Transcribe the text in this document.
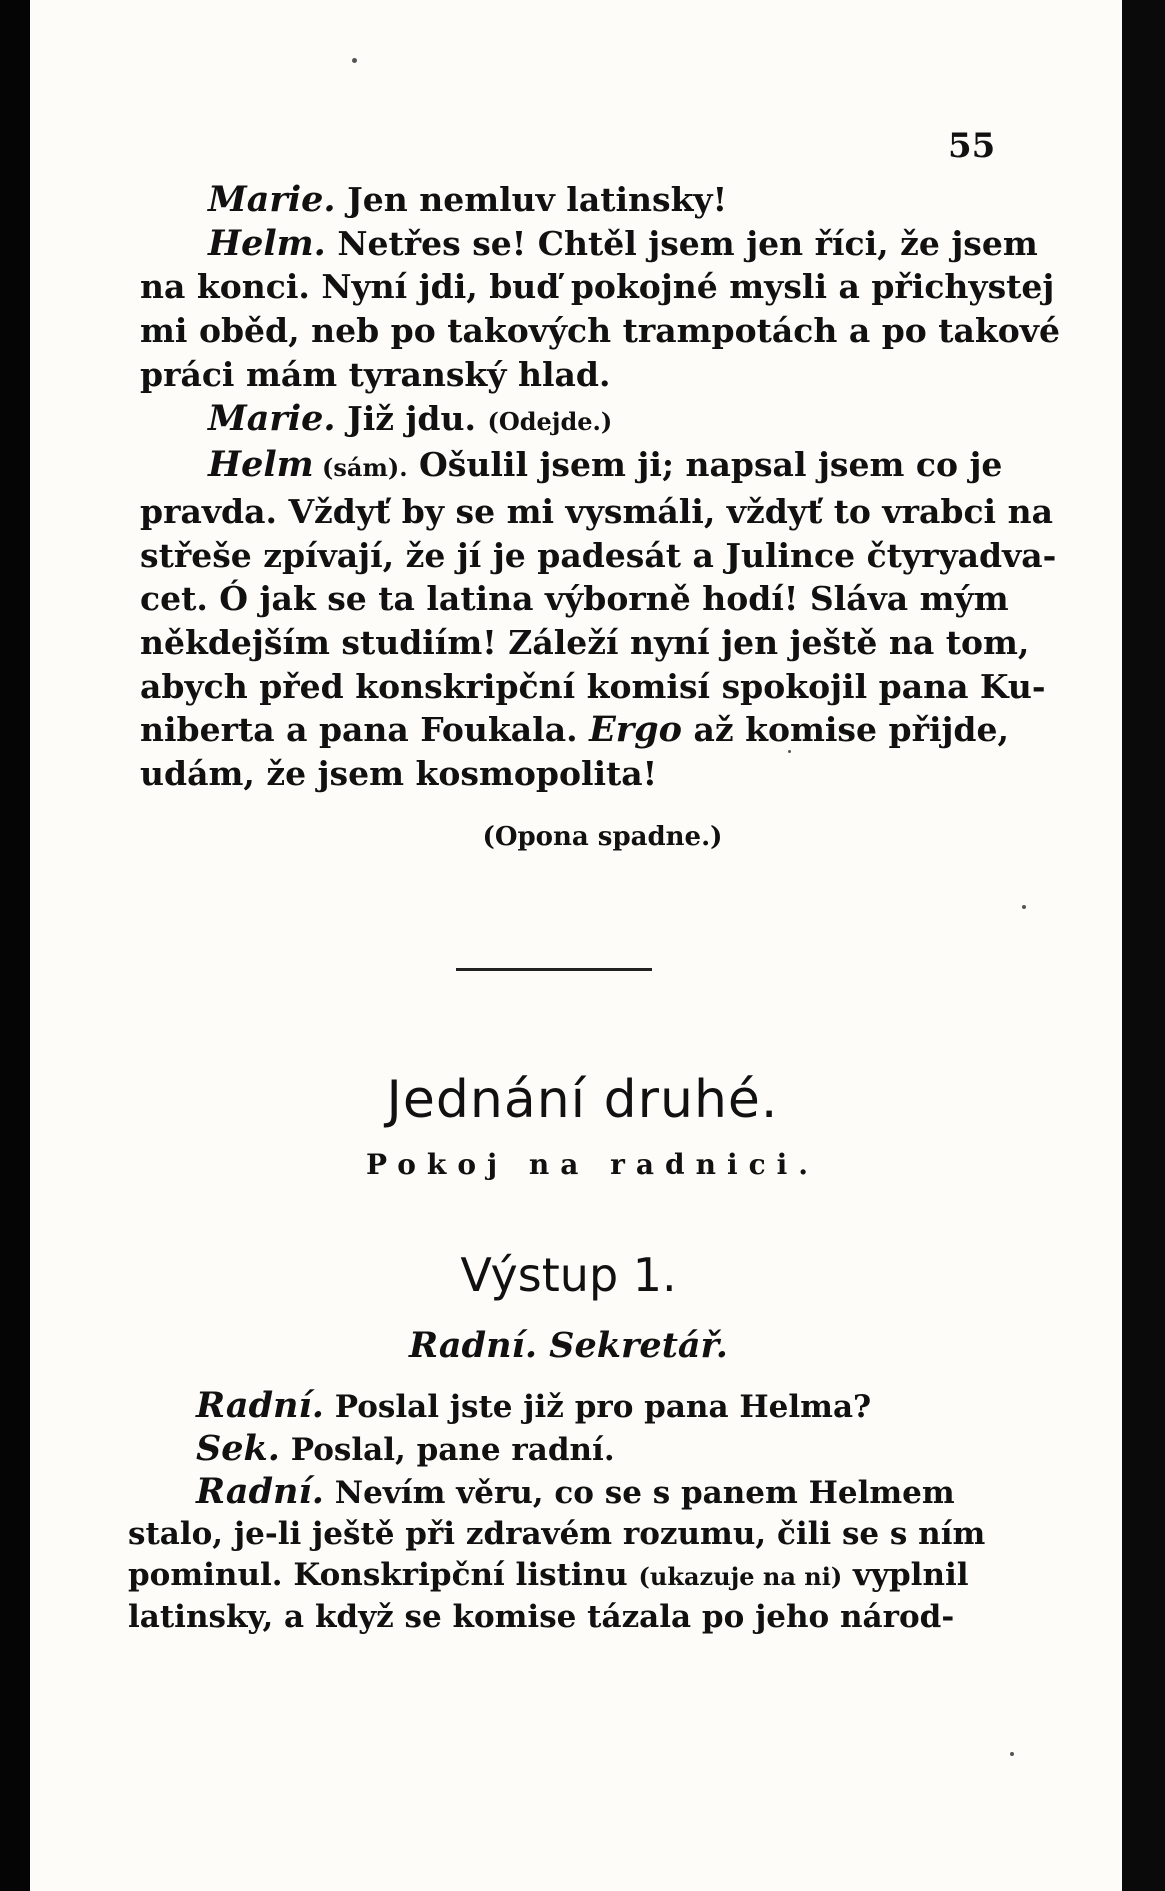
55
Marie. Jen nemluv latinsky!
Helm. Netřes se! Chtěl jsem jen říci, že jsem
na konci. Nyní jdi, buď pokojné mysli a přichystej
mi oběd, neb po takových trampotách a po takové
práci mám tyranský hlad.
Marie. Již jdu. (Odejde.)
Helm (sám). Ošulil jsem ji; napsal jsem co je
pravda. Vždyť by se mi vysmáli, vždyť to vrabci na
střeše zpívají, že jí je padesát a Julince čtyryadva-
cet. Ó jak se ta latina výborně hodí! Sláva mým
někdejším studiím! Záleží nyní jen ještě na tom,
abych před konskripční komisí spokojil pana Ku-
niberta a pana Foukala. Ergo až komise přijde,
udám, že jsem kosmopolita!
(Opona spadne.)
Jednání druhé.
Pokoj na radnici.
Výstup 1.
Radní. Sekretář.
Radní. Poslal jste již pro pana Helma?
Sek. Poslal, pane radní.
Radní. Nevím věru, co se s panem Helmem
stalo, je-li ještě při zdravém rozumu, čili se s ním
pominul. Konskripční listinu (ukazuje na ni) vyplnil
latinsky, a když se komise tázala po jeho národ-
